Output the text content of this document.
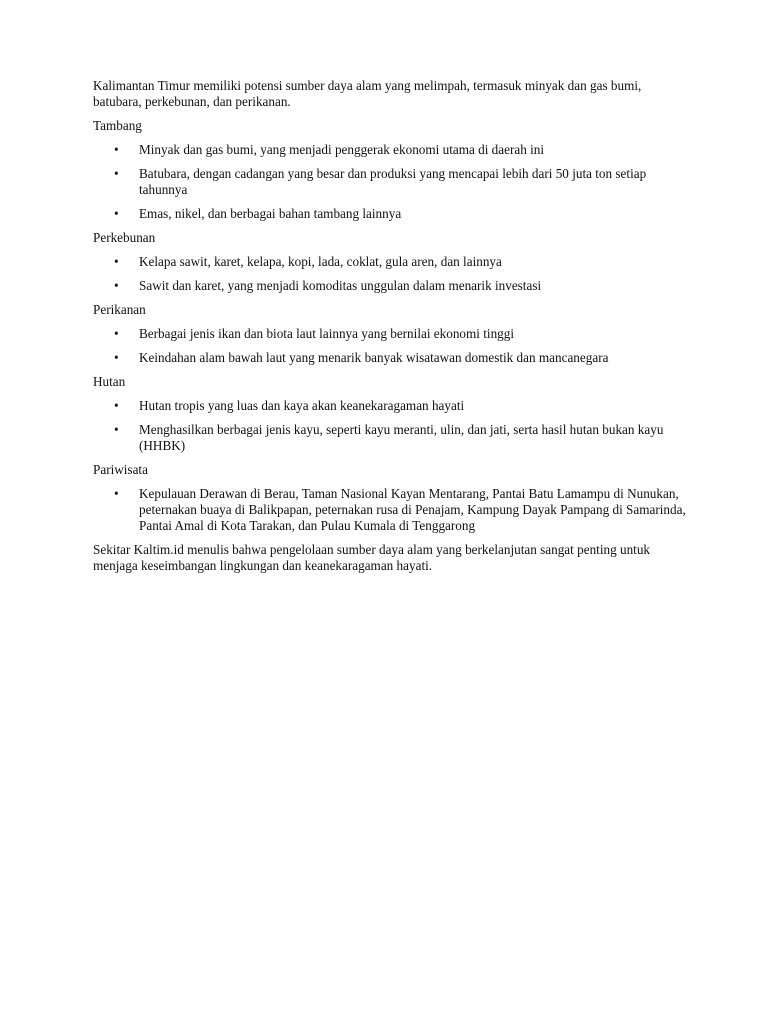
Kalimantan Timur memiliki potensi sumber daya alam yang melimpah, termasuk minyak dan gas bumi, batubara, perkebunan, dan perikanan.

Tambang

• Minyak dan gas bumi, yang menjadi penggerak ekonomi utama di daerah ini
• Batubara, dengan cadangan yang besar dan produksi yang mencapai lebih dari 50 juta ton setiap tahunnya
• Emas, nikel, dan berbagai bahan tambang lainnya

Perkebunan

• Kelapa sawit, karet, kelapa, kopi, lada, coklat, gula aren, dan lainnya
• Sawit dan karet, yang menjadi komoditas unggulan dalam menarik investasi

Perikanan

• Berbagai jenis ikan dan biota laut lainnya yang bernilai ekonomi tinggi
• Keindahan alam bawah laut yang menarik banyak wisatawan domestik dan mancanegara

Hutan

• Hutan tropis yang luas dan kaya akan keanekaragaman hayati
• Menghasilkan berbagai jenis kayu, seperti kayu meranti, ulin, dan jati, serta hasil hutan bukan kayu (HHBK)

Pariwisata

• Kepulauan Derawan di Berau, Taman Nasional Kayan Mentarang, Pantai Batu Lamampu di Nunukan, peternakan buaya di Balikpapan, peternakan rusa di Penajam, Kampung Dayak Pampang di Samarinda, Pantai Amal di Kota Tarakan, dan Pulau Kumala di Tenggarong

Sekitar Kaltim.id menulis bahwa pengelolaan sumber daya alam yang berkelanjutan sangat penting untuk menjaga keseimbangan lingkungan dan keanekaragaman hayati.
